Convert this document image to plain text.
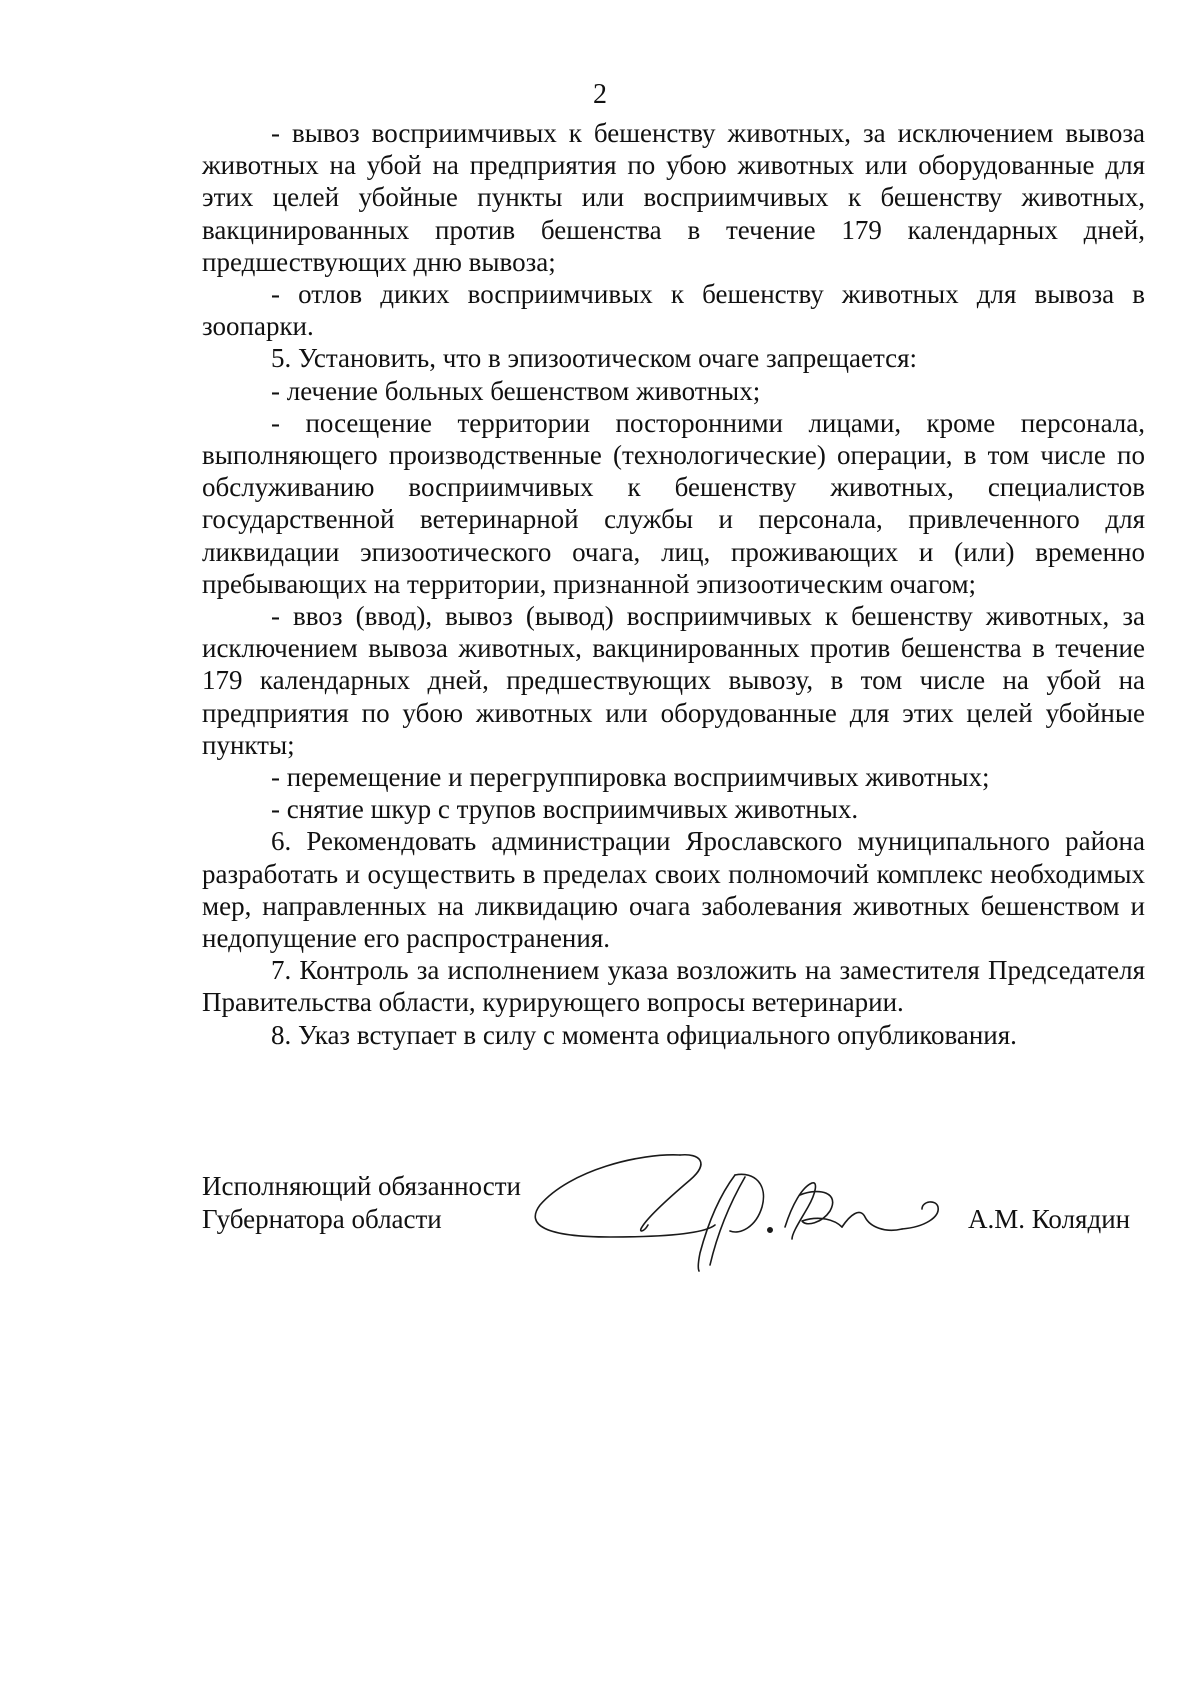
2

- вывоз восприимчивых к бешенству животных, за исключением вывоза животных на убой на предприятия по убою животных или оборудованные для этих целей убойные пункты или восприимчивых к бешенству животных, вакцинированных против бешенства в течение 179 календарных дней, предшествующих дню вывоза;

- отлов диких восприимчивых к бешенству животных для вывоза в зоопарки.

5. Установить, что в эпизоотическом очаге запрещается:

- лечение больных бешенством животных;

- посещение территории посторонними лицами, кроме персонала, выполняющего производственные (технологические) операции, в том числе по обслуживанию восприимчивых к бешенству животных, специалистов государственной ветеринарной службы и персонала, привлеченного для ликвидации эпизоотического очага, лиц, проживающих и (или) временно пребывающих на территории, признанной эпизоотическим очагом;

- ввоз (ввод), вывоз (вывод) восприимчивых к бешенству животных, за исключением вывоза животных, вакцинированных против бешенства в течение 179 календарных дней, предшествующих вывозу, в том числе на убой на предприятия по убою животных или оборудованные для этих целей убойные пункты;

- перемещение и перегруппировка восприимчивых животных;

- снятие шкур с трупов восприимчивых животных.

6. Рекомендовать администрации Ярославского муниципального района разработать и осуществить в пределах своих полномочий комплекс необходимых мер, направленных на ликвидацию очага заболевания животных бешенством и недопущение его распространения.

7. Контроль за исполнением указа возложить на заместителя Председателя Правительства области, курирующего вопросы ветеринарии.

8. Указ вступает в силу с момента официального опубликования.

Исполняющий обязанности
Губернатора области	А.М. Колядин
